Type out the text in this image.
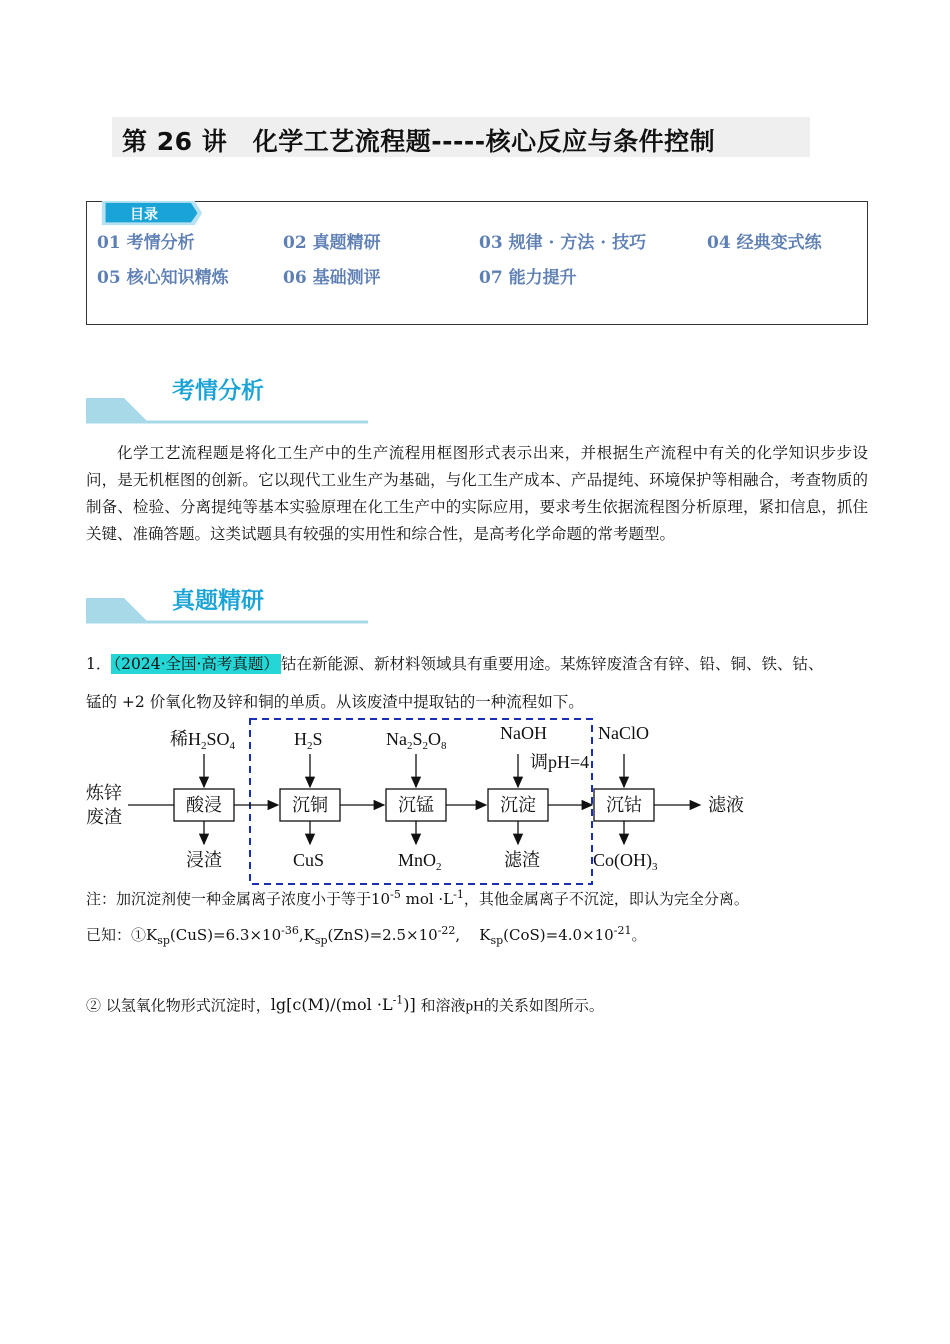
第 26 讲　化学工艺流程题-----核心反应与条件控制
目录
01 考情分析	02 真题精研	03 规律 · 方法 · 技巧	04 经典变式练
05 核心知识精炼	06 基础测评	07 能力提升
考情分析
化学工艺流程题是将化工生产中的生产流程用框图形式表示出来，并根据生产流程中有关的化学知识步步设问，是无机框图的创新。它以现代工业生产为基础，与化工生产成本、产品提纯、环境保护等相融合，考查物质的制备、检验、分离提纯等基本实验原理在化工生产中的实际应用，要求考生依据流程图分析原理，紧扣信息，抓住关键、准确答题。这类试题具有较强的实用性和综合性，是高考化学命题的常考题型。
真题精研
1． （2024·全国·高考真题） 钴在新能源、新材料领域具有重要用途。某炼锌废渣含有锌、铅、铜、铁、钴、
锰的 +2 价氧化物及锌和铜的单质。从该废渣中提取钴的一种流程如下。
炼锌
废渣
酸浸	沉铜	沉锰	沉淀	沉钴
稀$H_2SO_4$	$H_2S$	$Na_2S_2O_8$
NaOH
调pH=4
NaClO
浸渣	CuS	MnO$_2$	滤渣	$Co(OH)_3$
滤液
注：加沉淀剂使一种金属离子浓度小于等于$10^{-5}$ mol $\cdot L^{-1}$，其他金属离子不沉淀，即认为完全分离。
已知：$①K_{sp}(CuS)=6.3\times 10^{-36},K_{sp}(ZnS)=2.5\times 10^{-22}$,    $K_{sp}(CoS)=4.0\times 10^{-21}$。
② 以氢氧化物形式沉淀时，$\lg[c(M)/(mol \cdot L^{-1})]$ 和溶液pH的关系如图所示。
